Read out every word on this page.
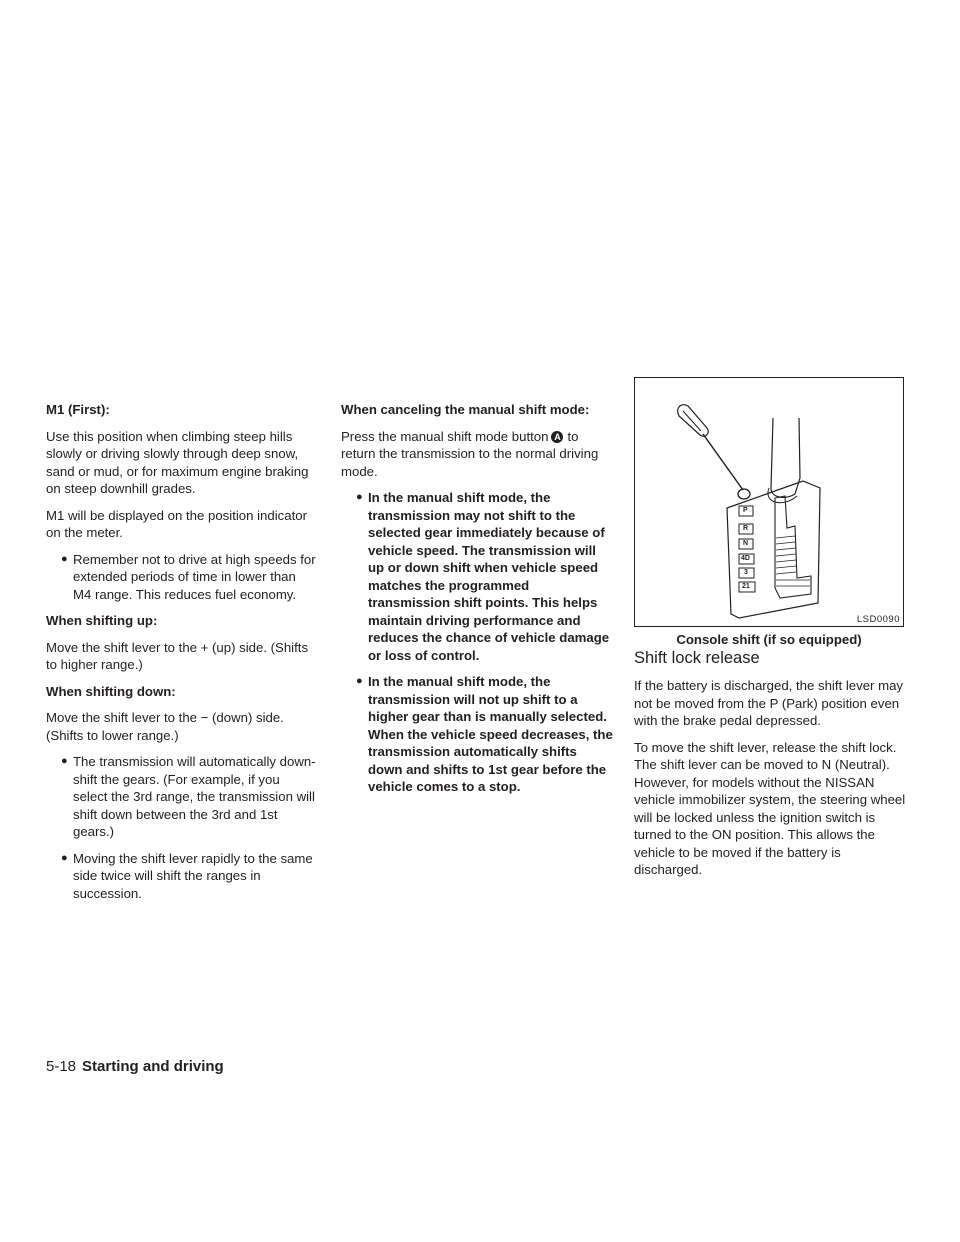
M1 (First):

Use this position when climbing steep hills slowly or driving slowly through deep snow, sand or mud, or for maximum engine braking on steep downhill grades.

M1 will be displayed on the position indicator on the meter.

● Remember not to drive at high speeds for extended periods of time in lower than M4 range. This reduces fuel economy.

When shifting up:

Move the shift lever to the + (up) side. (Shifts to higher range.)

When shifting down:

Move the shift lever to the − (down) side. (Shifts to lower range.)

● The transmission will automatically down-shift the gears. (For example, if you select the 3rd range, the transmission will shift down between the 3rd and 1st gears.)
● Moving the shift lever rapidly to the same side twice will shift the ranges in succession.

When canceling the manual shift mode:

Press the manual shift mode button A to return the transmission to the normal driving mode.

● In the manual shift mode, the transmission may not shift to the selected gear immediately because of vehicle speed. The transmission will up or down shift when vehicle speed matches the programmed transmission shift points. This helps maintain driving performance and reduces the chance of vehicle damage or loss of control.
● In the manual shift mode, the transmission will not up shift to a higher gear than is manually selected. When the vehicle speed decreases, the transmission automatically shifts down and shifts to 1st gear before the vehicle comes to a stop.
P
R
N
4D
3
21
LSD0090
Console shift (if so equipped)
Shift lock release

If the battery is discharged, the shift lever may not be moved from the P (Park) position even with the brake pedal depressed.

To move the shift lever, release the shift lock. The shift lever can be moved to N (Neutral). However, for models without the NISSAN vehicle immobilizer system, the steering wheel will be locked unless the ignition switch is turned to the ON position. This allows the vehicle to be moved if the battery is discharged.

5-18 Starting and driving
